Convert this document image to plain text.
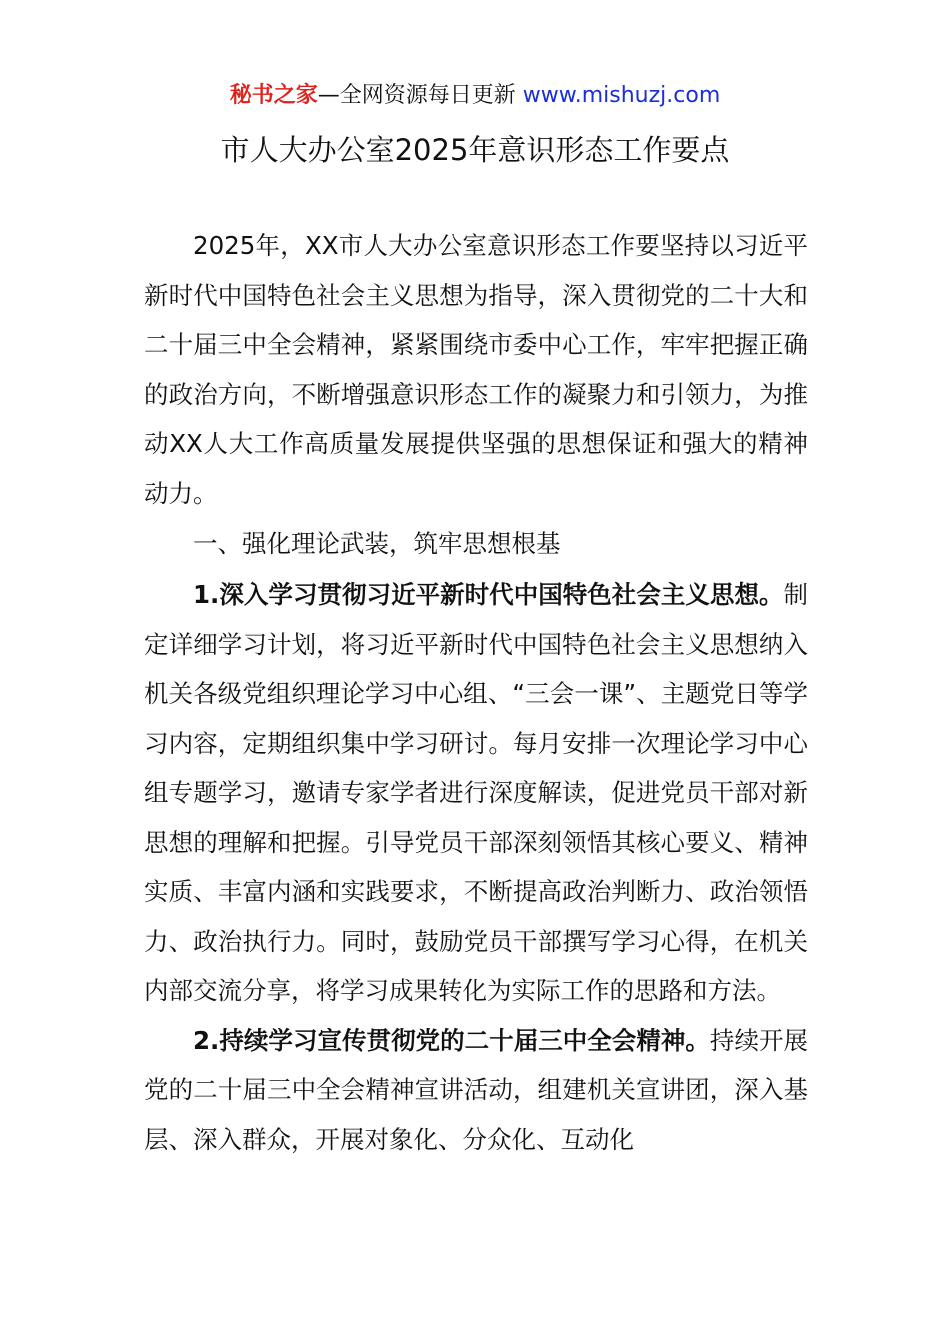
秘书之家—全网资源每日更新 www.mishuzj.com
市人大办公室2025年意识形态工作要点

2025年，XX市人大办公室意识形态工作要坚持以习近平新时代中国特色社会主义思想为指导，深入贯彻党的二十大和二十届三中全会精神，紧紧围绕市委中心工作，牢牢把握正确的政治方向，不断增强意识形态工作的凝聚力和引领力，为推动XX人大工作高质量发展提供坚强的思想保证和强大的精神动力。

一、强化理论武装，筑牢思想根基

1.深入学习贯彻习近平新时代中国特色社会主义思想。制定详细学习计划，将习近平新时代中国特色社会主义思想纳入机关各级党组织理论学习中心组、“三会一课”、主题党日等学习内容，定期组织集中学习研讨。每月安排一次理论学习中心组专题学习，邀请专家学者进行深度解读，促进党员干部对新思想的理解和把握。引导党员干部深刻领悟其核心要义、精神实质、丰富内涵和实践要求，不断提高政治判断力、政治领悟力、政治执行力。同时，鼓励党员干部撰写学习心得，在机关内部交流分享，将学习成果转化为实际工作的思路和方法。

2.持续学习宣传贯彻党的二十届三中全会精神。持续开展党的二十届三中全会精神宣讲活动，组建机关宣讲团，深入基层、深入群众，开展对象化、分众化、互动化
